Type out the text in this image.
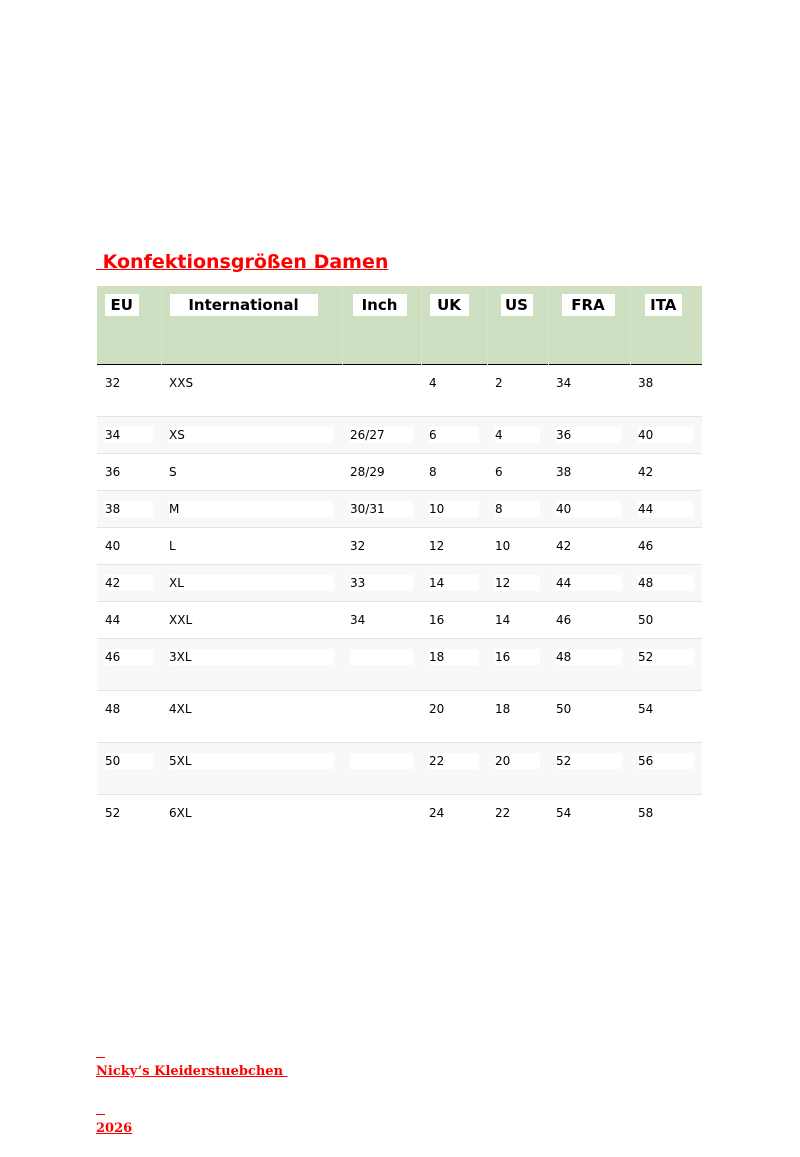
Konfektionsgrößen Damen
EU	International	Inch	UK	US	FRA	ITA

32	XXS		4	2	34	38

34	XS	26/27	6	4	36	40

36	S	28/29	8	6	38	42

38	M	30/31	10	8	40	44

40	L	32	12	10	42	46

42	XL	33	14	12	44	48

44	XXL	34	16	14	46	50

46	3XL		18	16	48	52

48	4XL		20	18	50	54

50	5XL		22	20	52	56

52	6XL		24	22	54	58

Nicky’s Kleiderstuebchen

2026
